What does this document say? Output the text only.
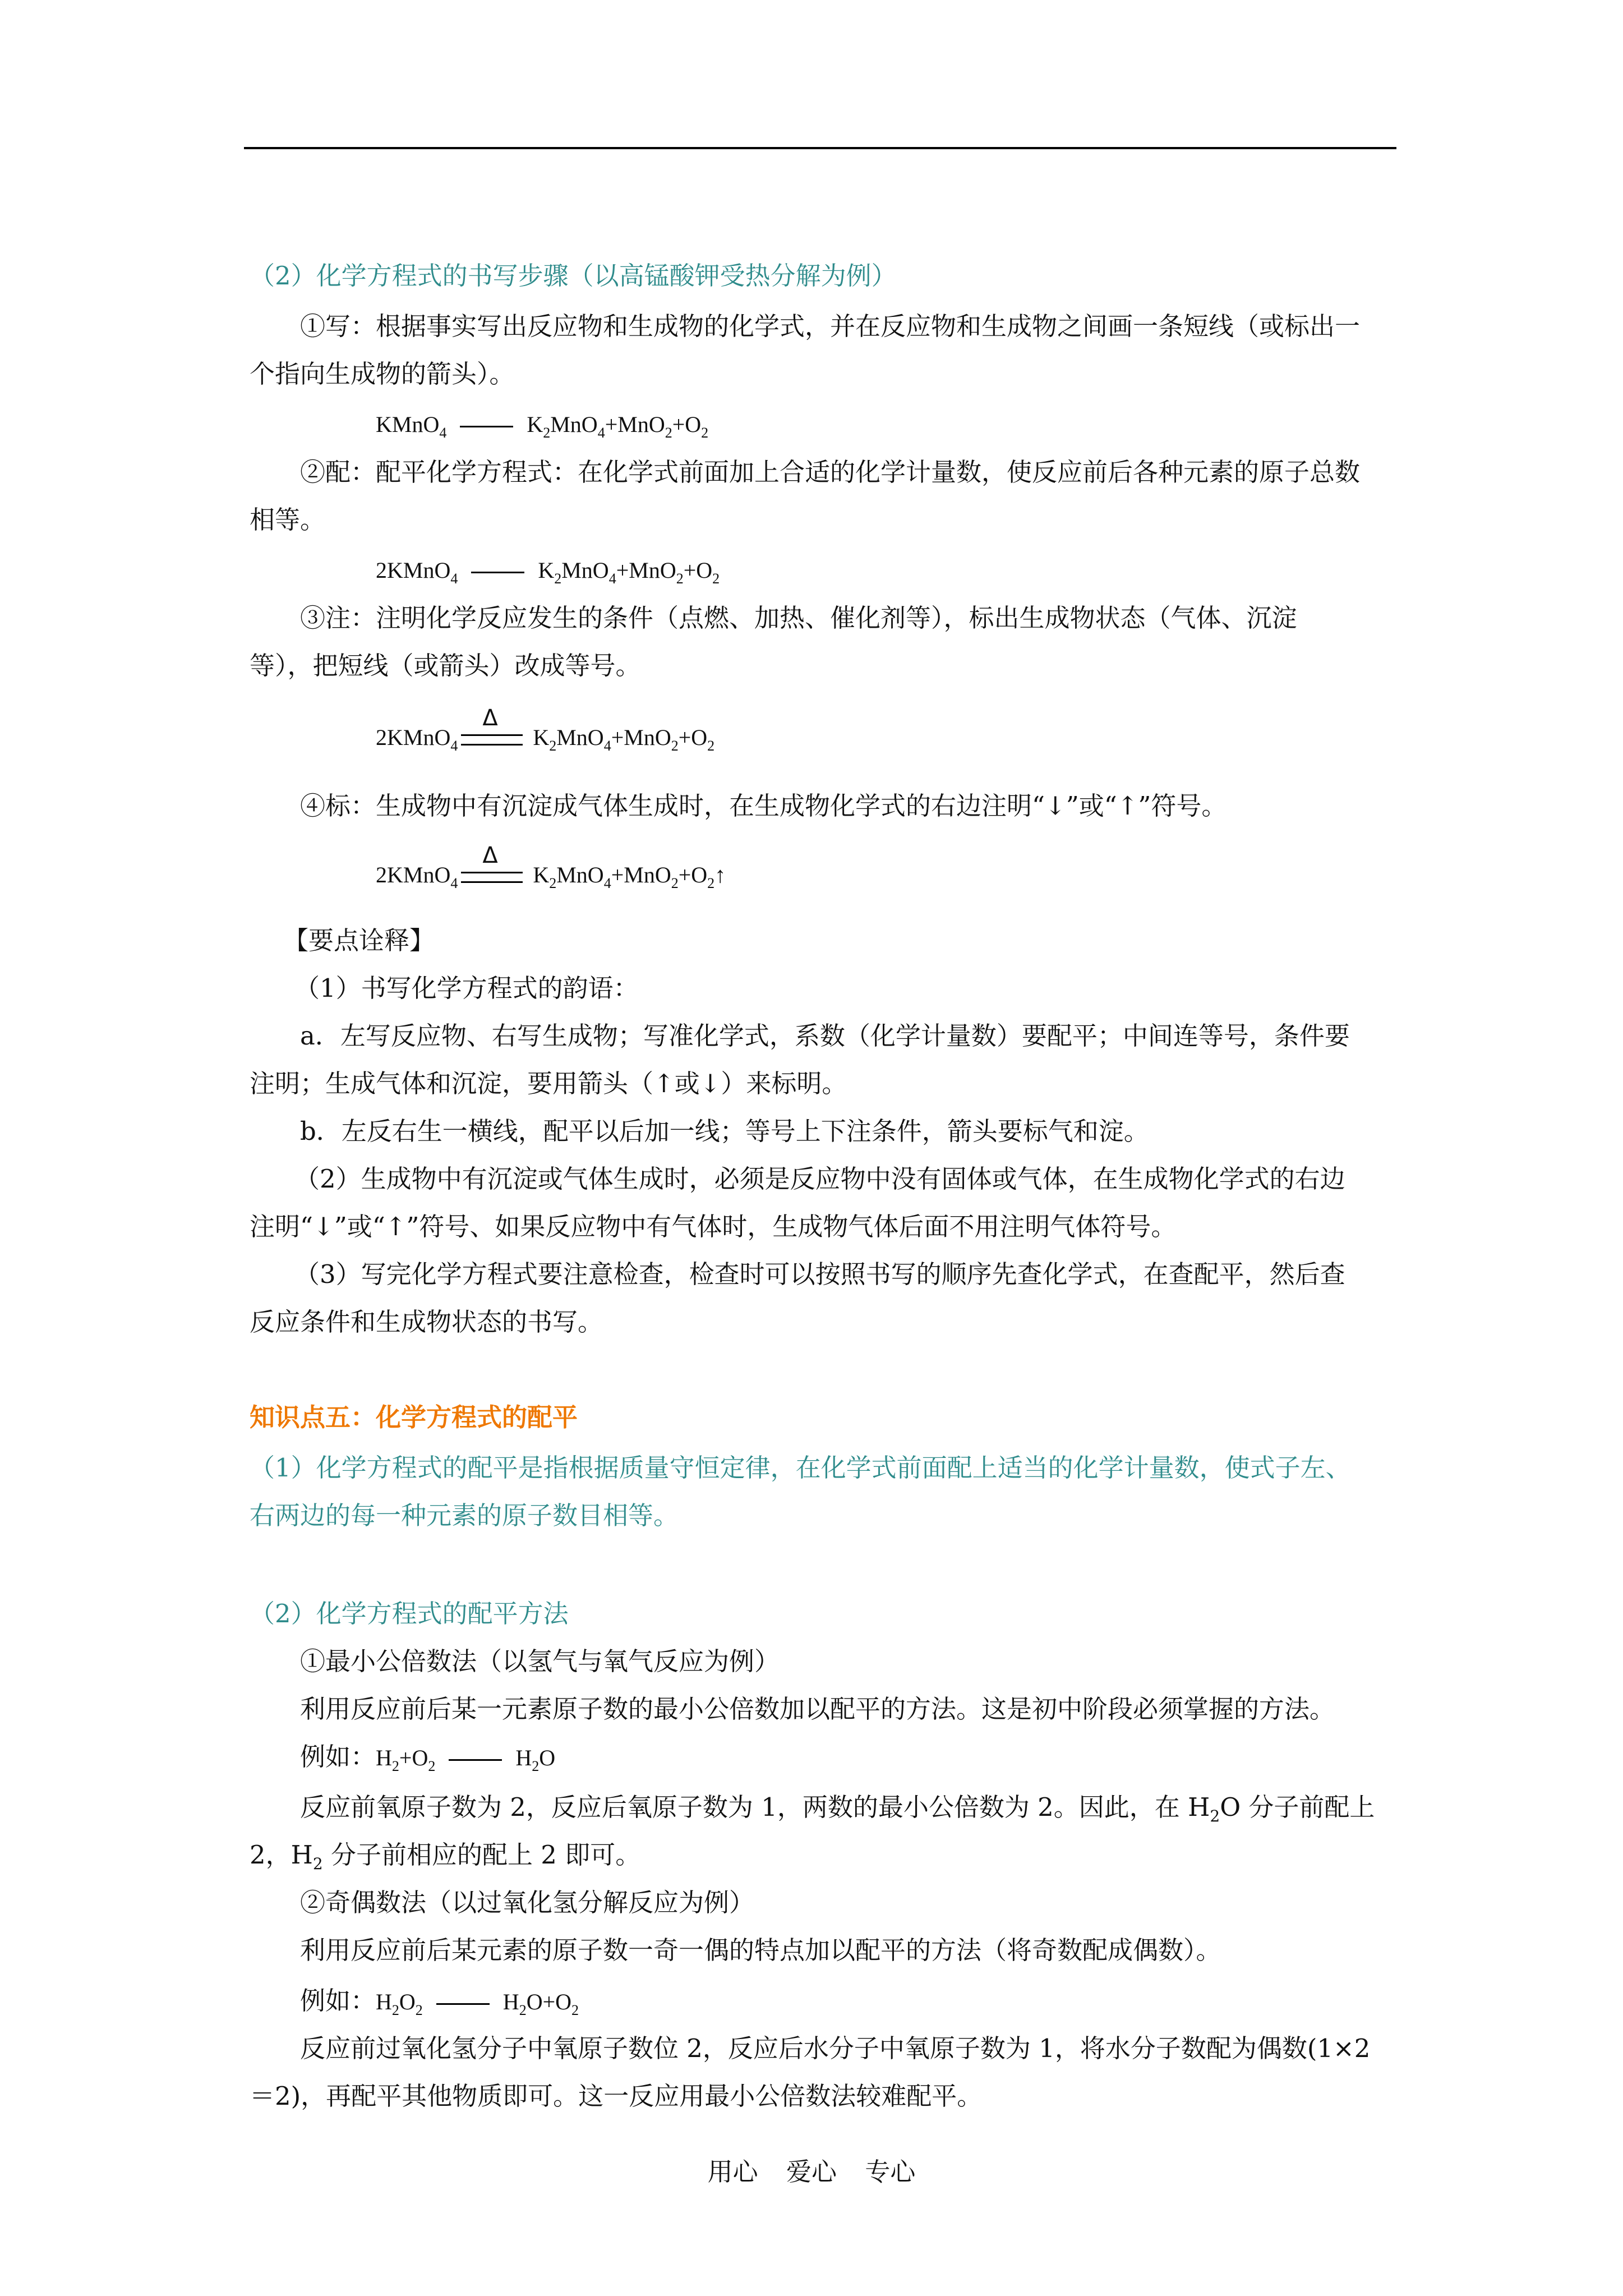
（2）化学方程式的书写步骤（以高锰酸钾受热分解为例）
①写：根据事实写出反应物和生成物的化学式，并在反应物和生成物之间画一条短线（或标出一
个指向生成物的箭头）。
KMnO$_4$	$K_2MnO_4+MnO_2+O_2$
②配：配平化学方程式：在化学式前面加上合适的化学计量数，使反应前后各种元素的原子总数
相等。
2KMnO$_4$	$K_2MnO_4+MnO_2+O_2$
③注：注明化学反应发生的条件（点燃、加热、催化剂等），标出生成物状态（气体、沉淀
等），把短线（或箭头）改成等号。
2KMnO$_4$
Δ
$K_2MnO_4+MnO_2+O_2$
④标：生成物中有沉淀成气体生成时，在生成物化学式的右边注明“↓”或“↑”符号。
2KMnO$_4$
Δ
$K_2MnO_4+MnO_2+O_2↑$
【要点诠释】
（1）书写化学方程式的韵语：
a．左写反应物、右写生成物；写准化学式，系数（化学计量数）要配平；中间连等号，条件要
注明；生成气体和沉淀，要用箭头（↑或↓）来标明。
b．左反右生一横线，配平以后加一线；等号上下注条件，箭头要标气和淀。
（2）生成物中有沉淀或气体生成时，必须是反应物中没有固体或气体，在生成物化学式的右边
注明“↓”或“↑”符号、如果反应物中有气体时，生成物气体后面不用注明气体符号。
（3）写完化学方程式要注意检查，检查时可以按照书写的顺序先查化学式，在查配平，然后查
反应条件和生成物状态的书写。
知识点五：化学方程式的配平
（1）化学方程式的配平是指根据质量守恒定律，在化学式前面配上适当的化学计量数，使式子左、
右两边的每一种元素的原子数目相等。
（2）化学方程式的配平方法
①最小公倍数法（以氢气与氧气反应为例）
利用反应前后某一元素原子数的最小公倍数加以配平的方法。这是初中阶段必须掌握的方法。
例如：$H_2+O_2$	$H_2O$
反应前氧原子数为 2，反应后氧原子数为 1，两数的最小公倍数为 2。因此，在 $H_2O$ 分子前配上
2，$H_2$ 分子前相应的配上 2 即可。
②奇偶数法（以过氧化氢分解反应为例）
利用反应前后某元素的原子数一奇一偶的特点加以配平的方法（将奇数配成偶数）。
例如：$H_2O_2$	$H_2O+O_2$
反应前过氧化氢分子中氧原子数位 2，反应后水分子中氧原子数为 1，将水分子数配为偶数(1×2
＝2)，再配平其他物质即可。这一反应用最小公倍数法较难配平。
用心 爱心 专心
